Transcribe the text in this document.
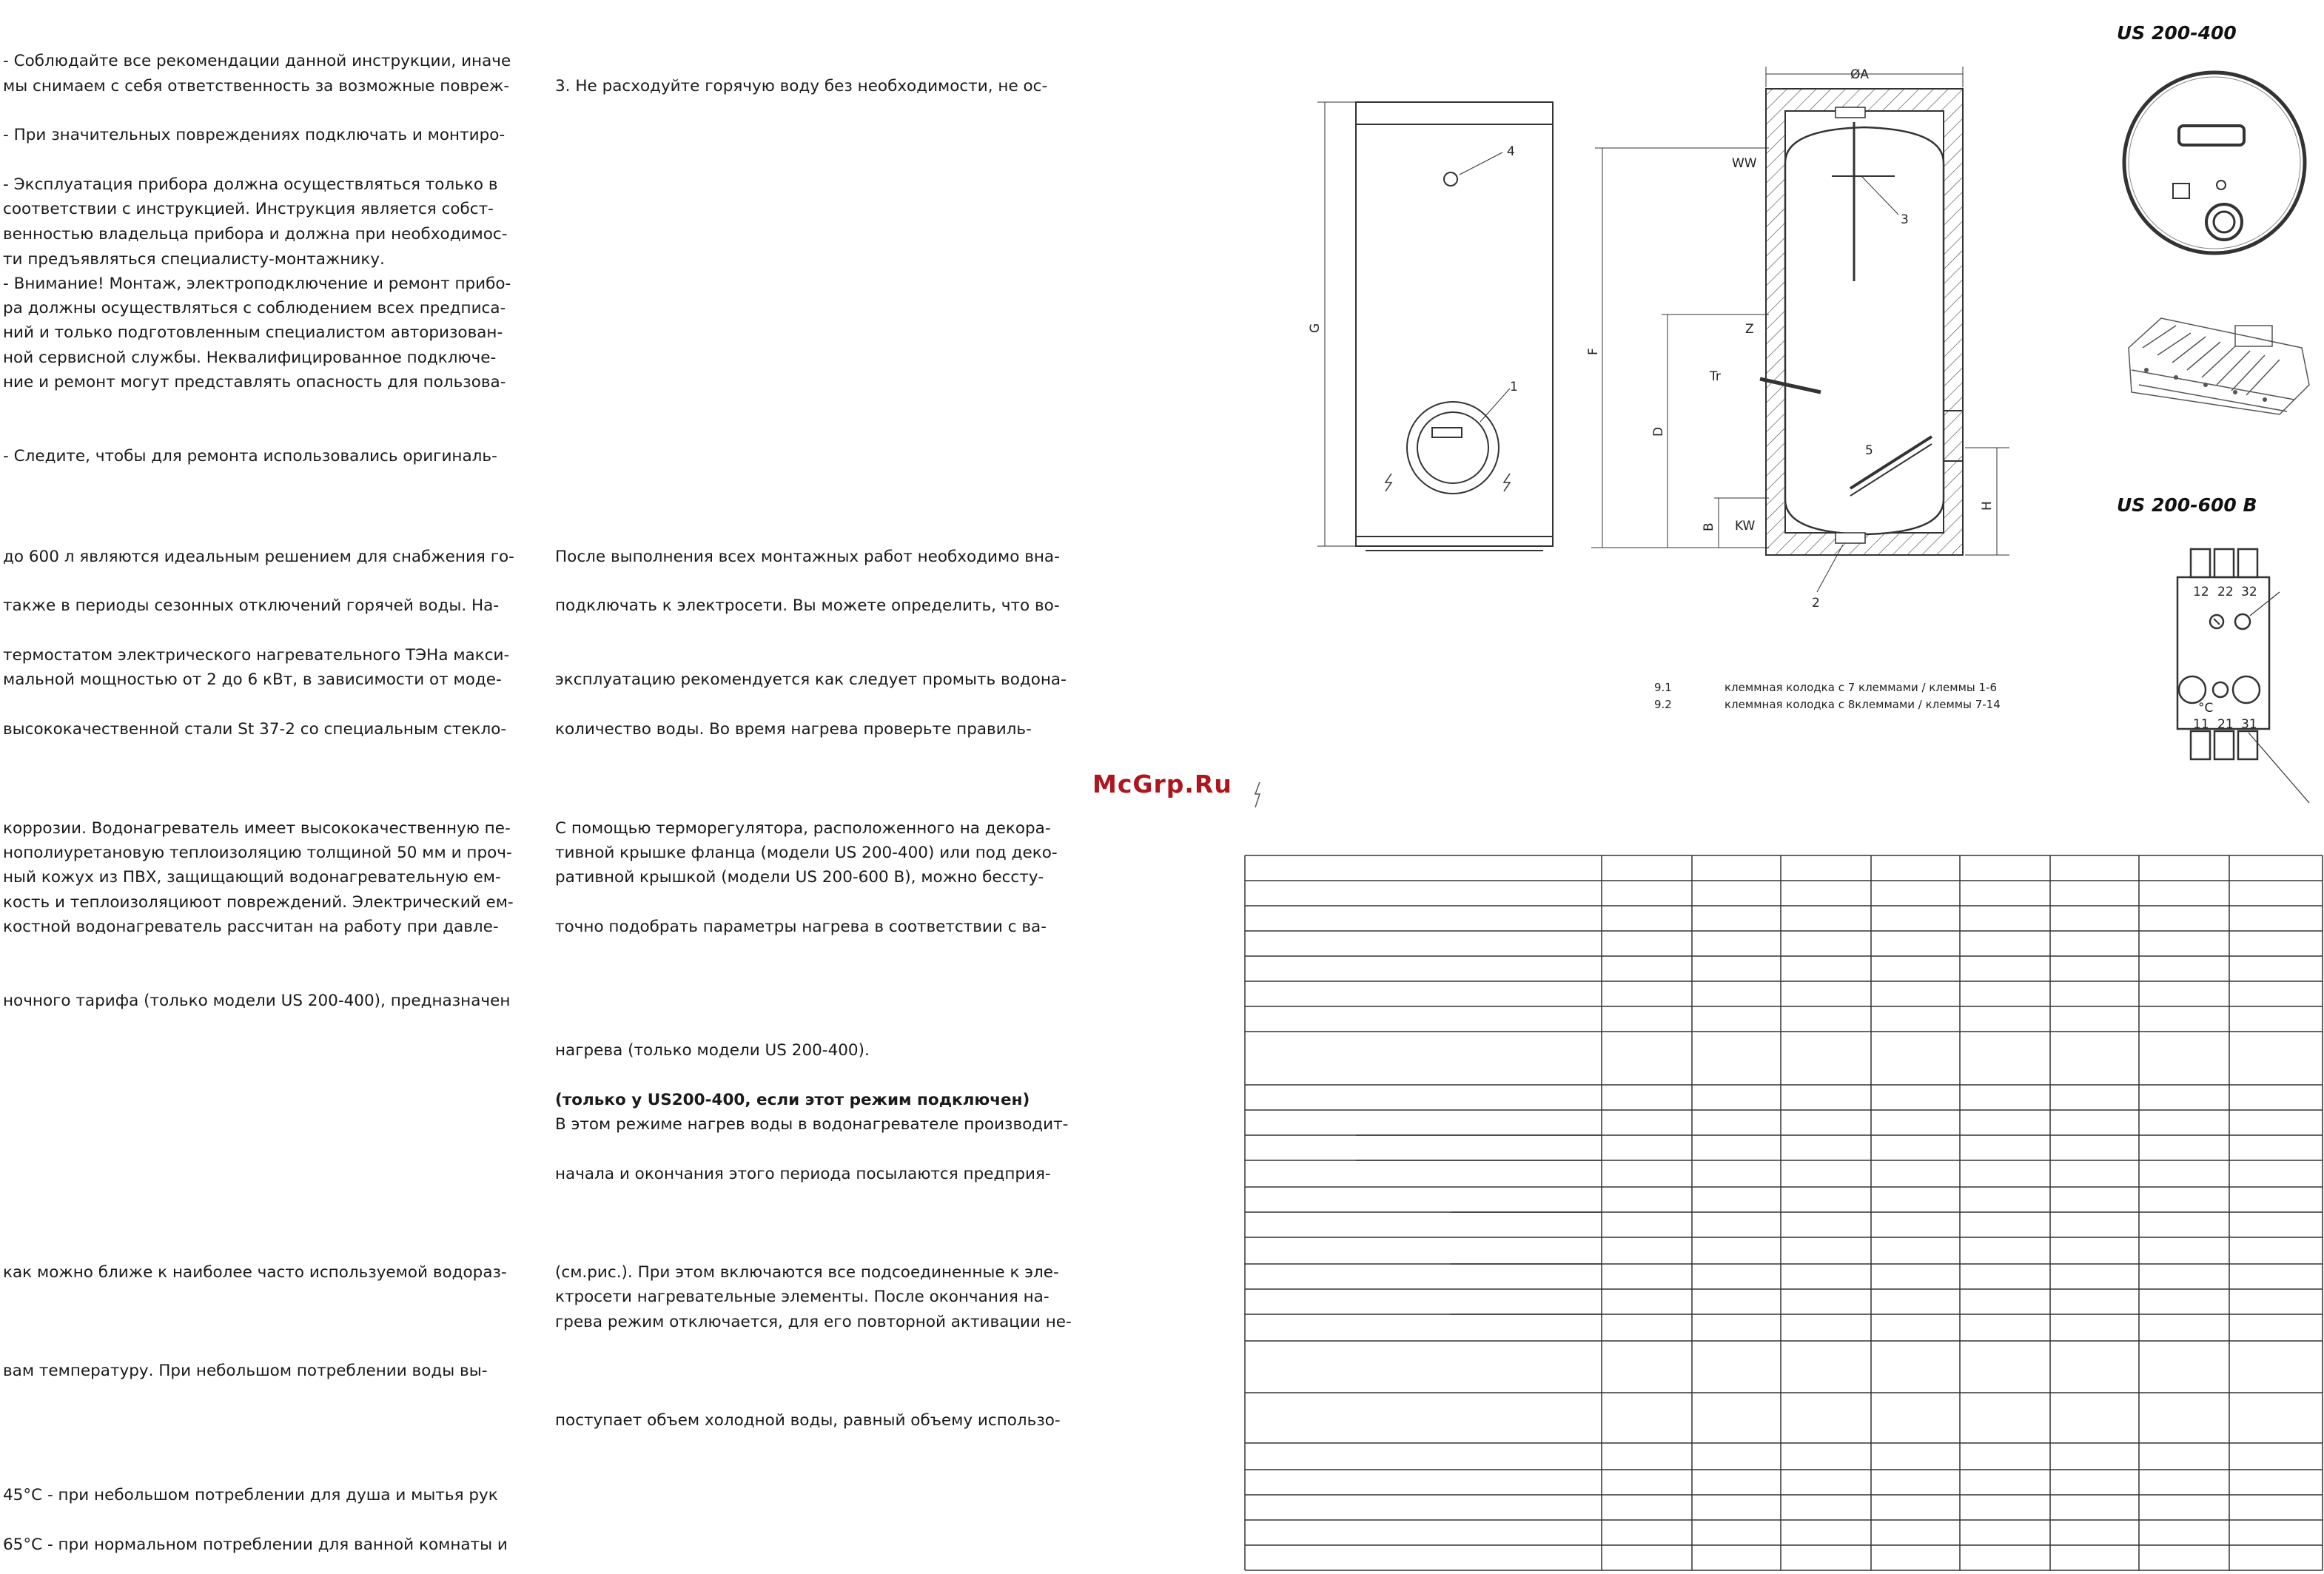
- Соблюдайте все рекомендации данной инструкции, иначе
мы снимаем с себя ответственность за возможные повреж-
- При значительных повреждениях подключать и монтиро-
- Эксплуатация прибора должна осуществляться только в
соответствии с инструкцией. Инструкция является собст-
венностью владельца прибора и должна при необходимос-
ти предъявляться специалисту-монтажнику.
- Внимание! Монтаж, электроподключение и ремонт прибо-
ра должны осуществляться с соблюдением всех предписа-
ний и только подготовленным специалистом авторизован-
ной сервисной службы. Неквалифицированное подключе-
ние и ремонт могут представлять опасность для пользова-
- Следите, чтобы для ремонта использовались оригиналь-
до 600 л являются идеальным решением для снабжения го-
также в периоды сезонных отключений горячей воды. На-
термостатом электрического нагревательного ТЭНа макси-
мальной мощностью от 2 до 6 кВт, в зависимости от моде-
высококачественной стали St 37-2 со специальным стекло-
коррозии. Водонагреватель имеет высококачественную пе-
нополиуретановую теплоизоляцию толщиной 50 мм и проч-
ный кожух из ПВХ, защищающий водонагревательную ем-
кость и теплоизоляциюот повреждений. Электрический ем-
костной водонагреватель рассчитан на работу при давле-
ночного тарифа (только модели US 200-400), предназначен
как можно ближе к наиболее часто используемой водораз-
вам температуру. При небольшом потреблении воды вы-
45°C - при небольшом потреблении для душа и мытья рук
65°C - при нормальном потреблении для ванной комнаты и
3. Не расходуйте горячую воду без необходимости, не ос-
После выполнения всех монтажных работ необходимо вна-
подключать к электросети. Вы можете определить, что во-
эксплуатацию рекомендуется как следует промыть водона-
количество воды. Во время нагрева проверьте правиль-
С помощью терморегулятора, расположенного на декора-
тивной крышке фланца (модели US 200-400) или под деко-
ративной крышкой (модели US 200-600 B), можно бессту-
точно подобрать параметры нагрева в соответствии с ва-
нагрева (только модели US 200-400).
(только у US200-400, если этот режим подключен)
В этом режиме нагрев воды в водонагревателе производит-
начала и окончания этого периода посылаются предприя-
(см.рис.). При этом включаются все подсоединенные к эле-
ктросети нагревательные элементы. После окончания на-
грева режим отключается, для его повторной активации не-
поступает объем холодной воды, равный объему использо-
ØA
G
F
D
H
B
WW
Z
Tr
KW
1
2
3
4
5
9.1	клеммная колодка с 7 клеммами / клеммы 1-6
9.2	клеммная колодка с 8клеммами / клеммы 7-14
McGrp.Ru
US 200-400
US 200-600 B
12 22 32
°C
11 21 31
